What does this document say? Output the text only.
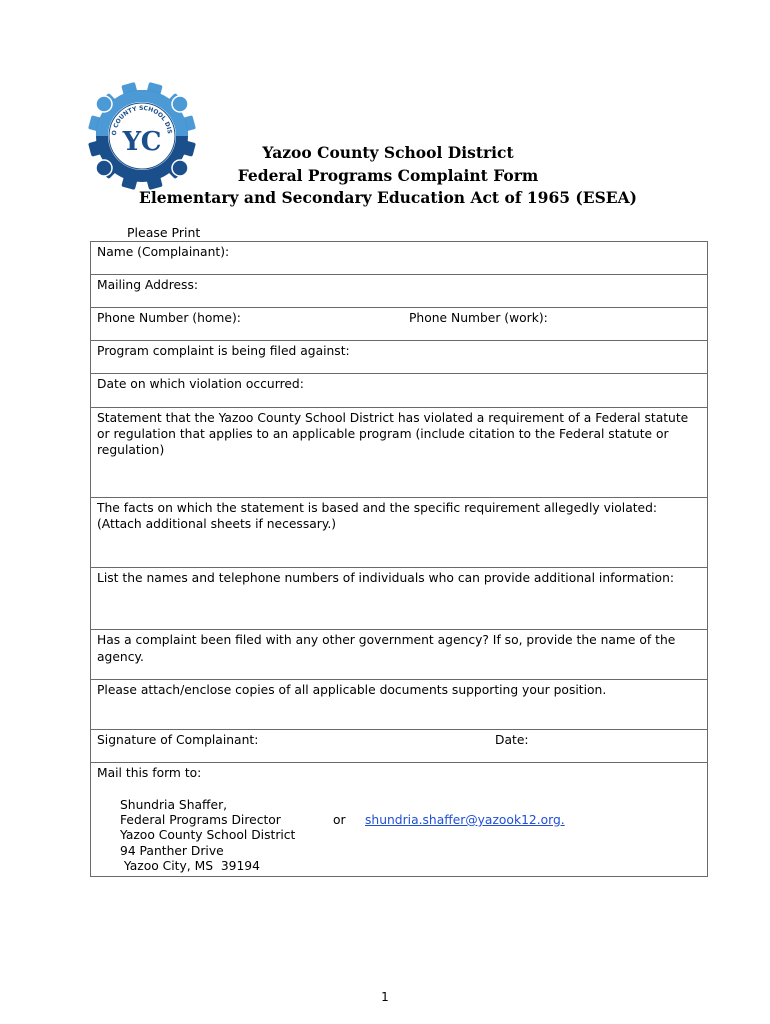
O COUNTY SCHOOL DIS
YC	Yazoo County School District
Federal Programs Complaint Form
Elementary and Secondary Education Act of 1965 (ESEA)
Please Print
Name (Complainant):
Mailing Address:
Phone Number (home):	Phone Number (work):
Program complaint is being filed against:
Date on which violation occurred:
Statement that the Yazoo County School District has violated a requirement of a Federal statute or regulation that applies to an applicable program (include citation to the Federal statute or regulation)
The facts on which the statement is based and the specific requirement allegedly violated:
(Attach additional sheets if necessary.)
List the names and telephone numbers of individuals who can provide additional information:
Has a complaint been filed with any other government agency? If so, provide the name of the agency.
Please attach/enclose copies of all applicable documents supporting your position.
Signature of Complainant:	Date:
Mail this form to:
Shundria Shaffer,
Federal Programs Director
Yazoo County School District
94 Panther Drive
Yazoo City, MS  39194
or shundria.shaffer@yazook12.org.
1
